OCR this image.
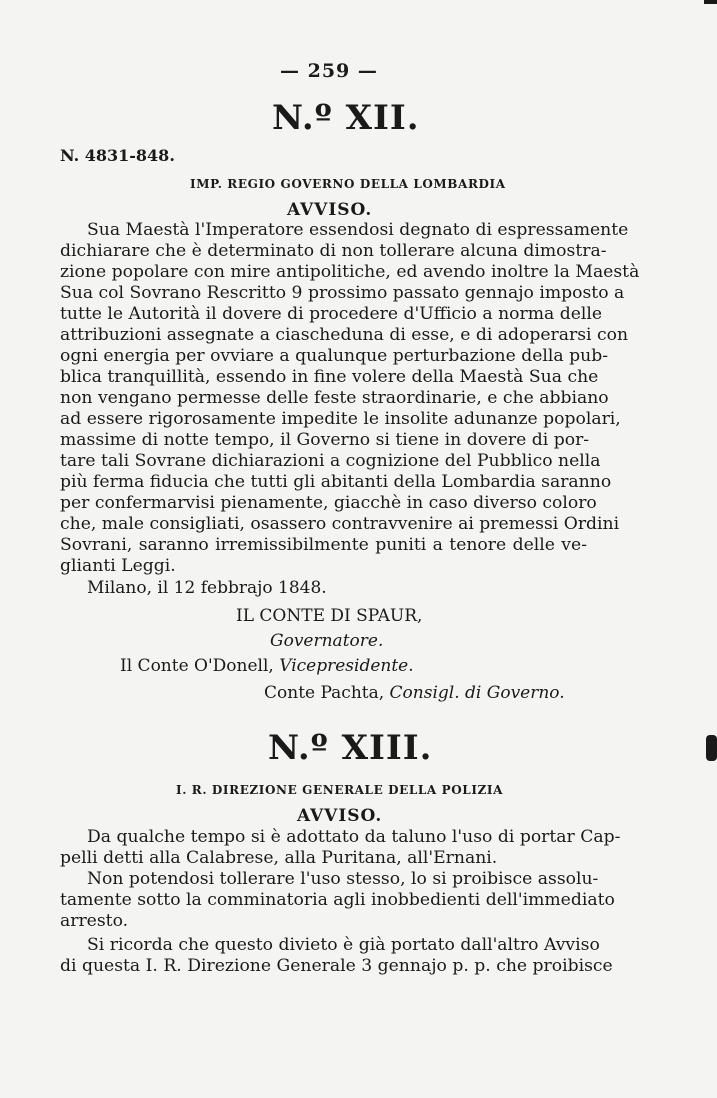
— 259 —
N.º XII.
N. 4831-848.
IMP. REGIO GOVERNO DELLA LOMBARDIA
AVVISO.
Sua Maestà l'Imperatore essendosi degnato di espressamente
dichiarare che è determinato di non tollerare alcuna dimostra-
zione popolare con mire antipolitiche, ed avendo inoltre la Maestà
Sua col Sovrano Rescritto 9 prossimo passato gennajo imposto a
tutte le Autorità il dovere di procedere d'Ufficio a norma delle
attribuzioni assegnate a ciascheduna di esse, e di adoperarsi con
ogni energia per ovviare a qualunque perturbazione della pub-
blica tranquillità, essendo in fine volere della Maestà Sua che
non vengano permesse delle feste straordinarie, e che abbiano
ad essere rigorosamente impedite le insolite adunanze popolari,
massime di notte tempo, il Governo si tiene in dovere di por-
tare tali Sovrane dichiarazioni a cognizione del Pubblico nella
più ferma fiducia che tutti gli abitanti della Lombardia saranno
per confermarvisi pienamente, giacchè in caso diverso coloro
che, male consigliati, osassero contravvenire ai premessi Ordini
Sovrani, saranno irremissibilmente puniti a tenore delle ve-
glianti Leggi.
Milano, il 12 febbrajo 1848.
IL CONTE DI SPAUR,
Governatore.
Il Conte O'Donell, Vicepresidente.
Conte Pachta, Consigl. di Governo.
N.º XIII.
I. R. DIREZIONE GENERALE DELLA POLIZIA
AVVISO.
Da qualche tempo si è adottato da taluno l'uso di portar Cap-
pelli detti alla Calabrese, alla Puritana, all'Ernani.
Non potendosi tollerare l'uso stesso, lo si proibisce assolu-
tamente sotto la comminatoria agli inobbedienti dell'immediato
arresto.
Si ricorda che questo divieto è già portato dall'altro Avviso
di questa I. R. Direzione Generale 3 gennajo p. p. che proibisce
